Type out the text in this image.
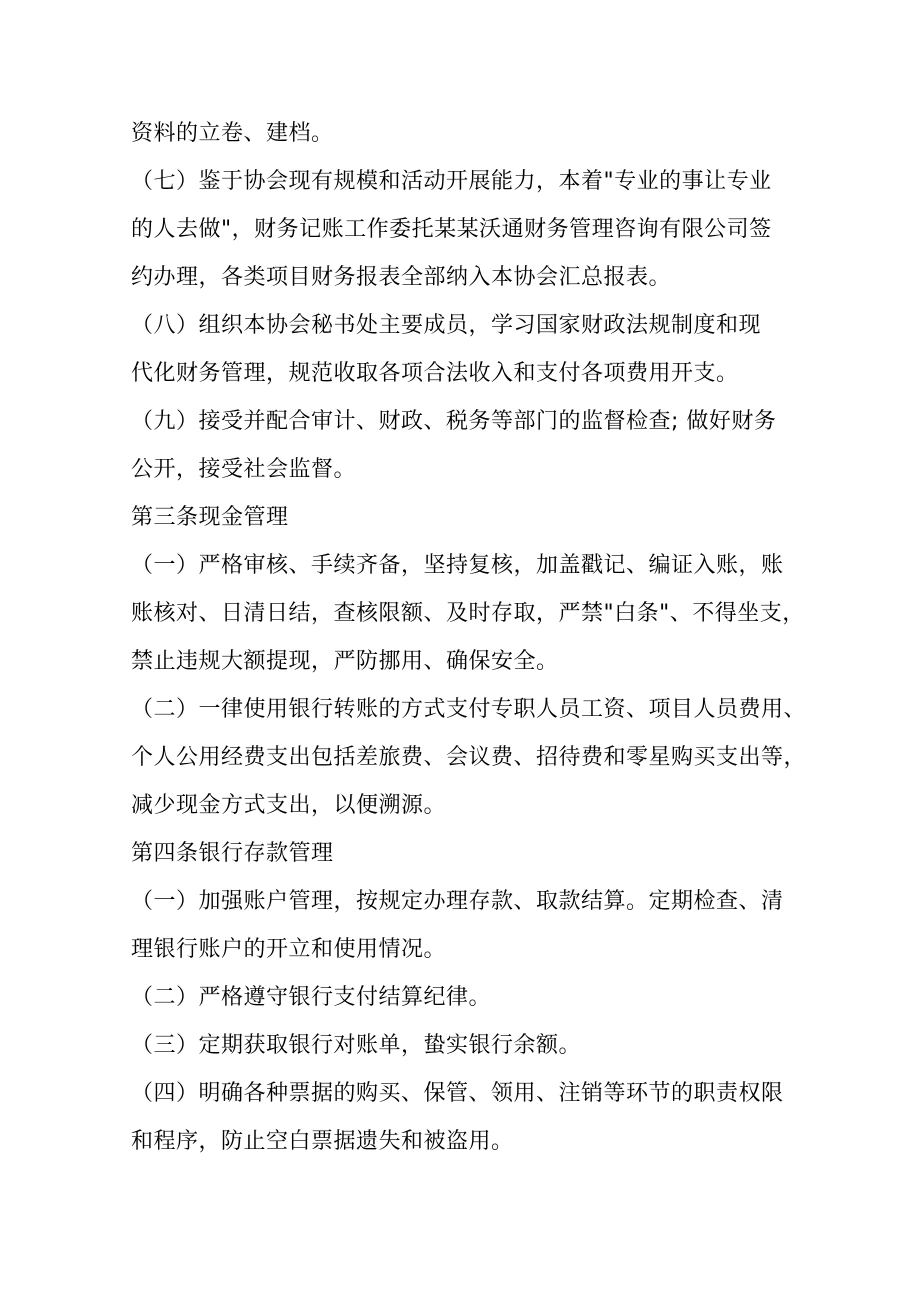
资料的立卷、建档。
（七）鉴于协会现有规模和活动开展能力，本着"专业的事让专业
的人去做"，财务记账工作委托某某沃通财务管理咨询有限公司签
约办理，各类项目财务报表全部纳入本协会汇总报表。
（八）组织本协会秘书处主要成员，学习国家财政法规制度和现
代化财务管理，规范收取各项合法收入和支付各项费用开支。
（九）接受并配合审计、财政、税务等部门的监督检查; 做好财务
公开，接受社会监督。
第三条现金管理
（一）严格审核、手续齐备，坚持复核，加盖戳记、编证入账，账
账核对、日清日结，查核限额、及时存取，严禁"白条"、不得坐支，
禁止违规大额提现，严防挪用、确保安全。
（二）一律使用银行转账的方式支付专职人员工资、项目人员费用、
个人公用经费支出包括差旅费、会议费、招待费和零星购买支出等，
减少现金方式支出，以便溯源。
第四条银行存款管理
（一）加强账户管理，按规定办理存款、取款结算。定期检查、清
理银行账户的开立和使用情况。
（二）严格遵守银行支付结算纪律。
（三）定期获取银行对账单，蛰实银行余额。
（四）明确各种票据的购买、保管、领用、注销等环节的职责权限
和程序，防止空白票据遗失和被盗用。
